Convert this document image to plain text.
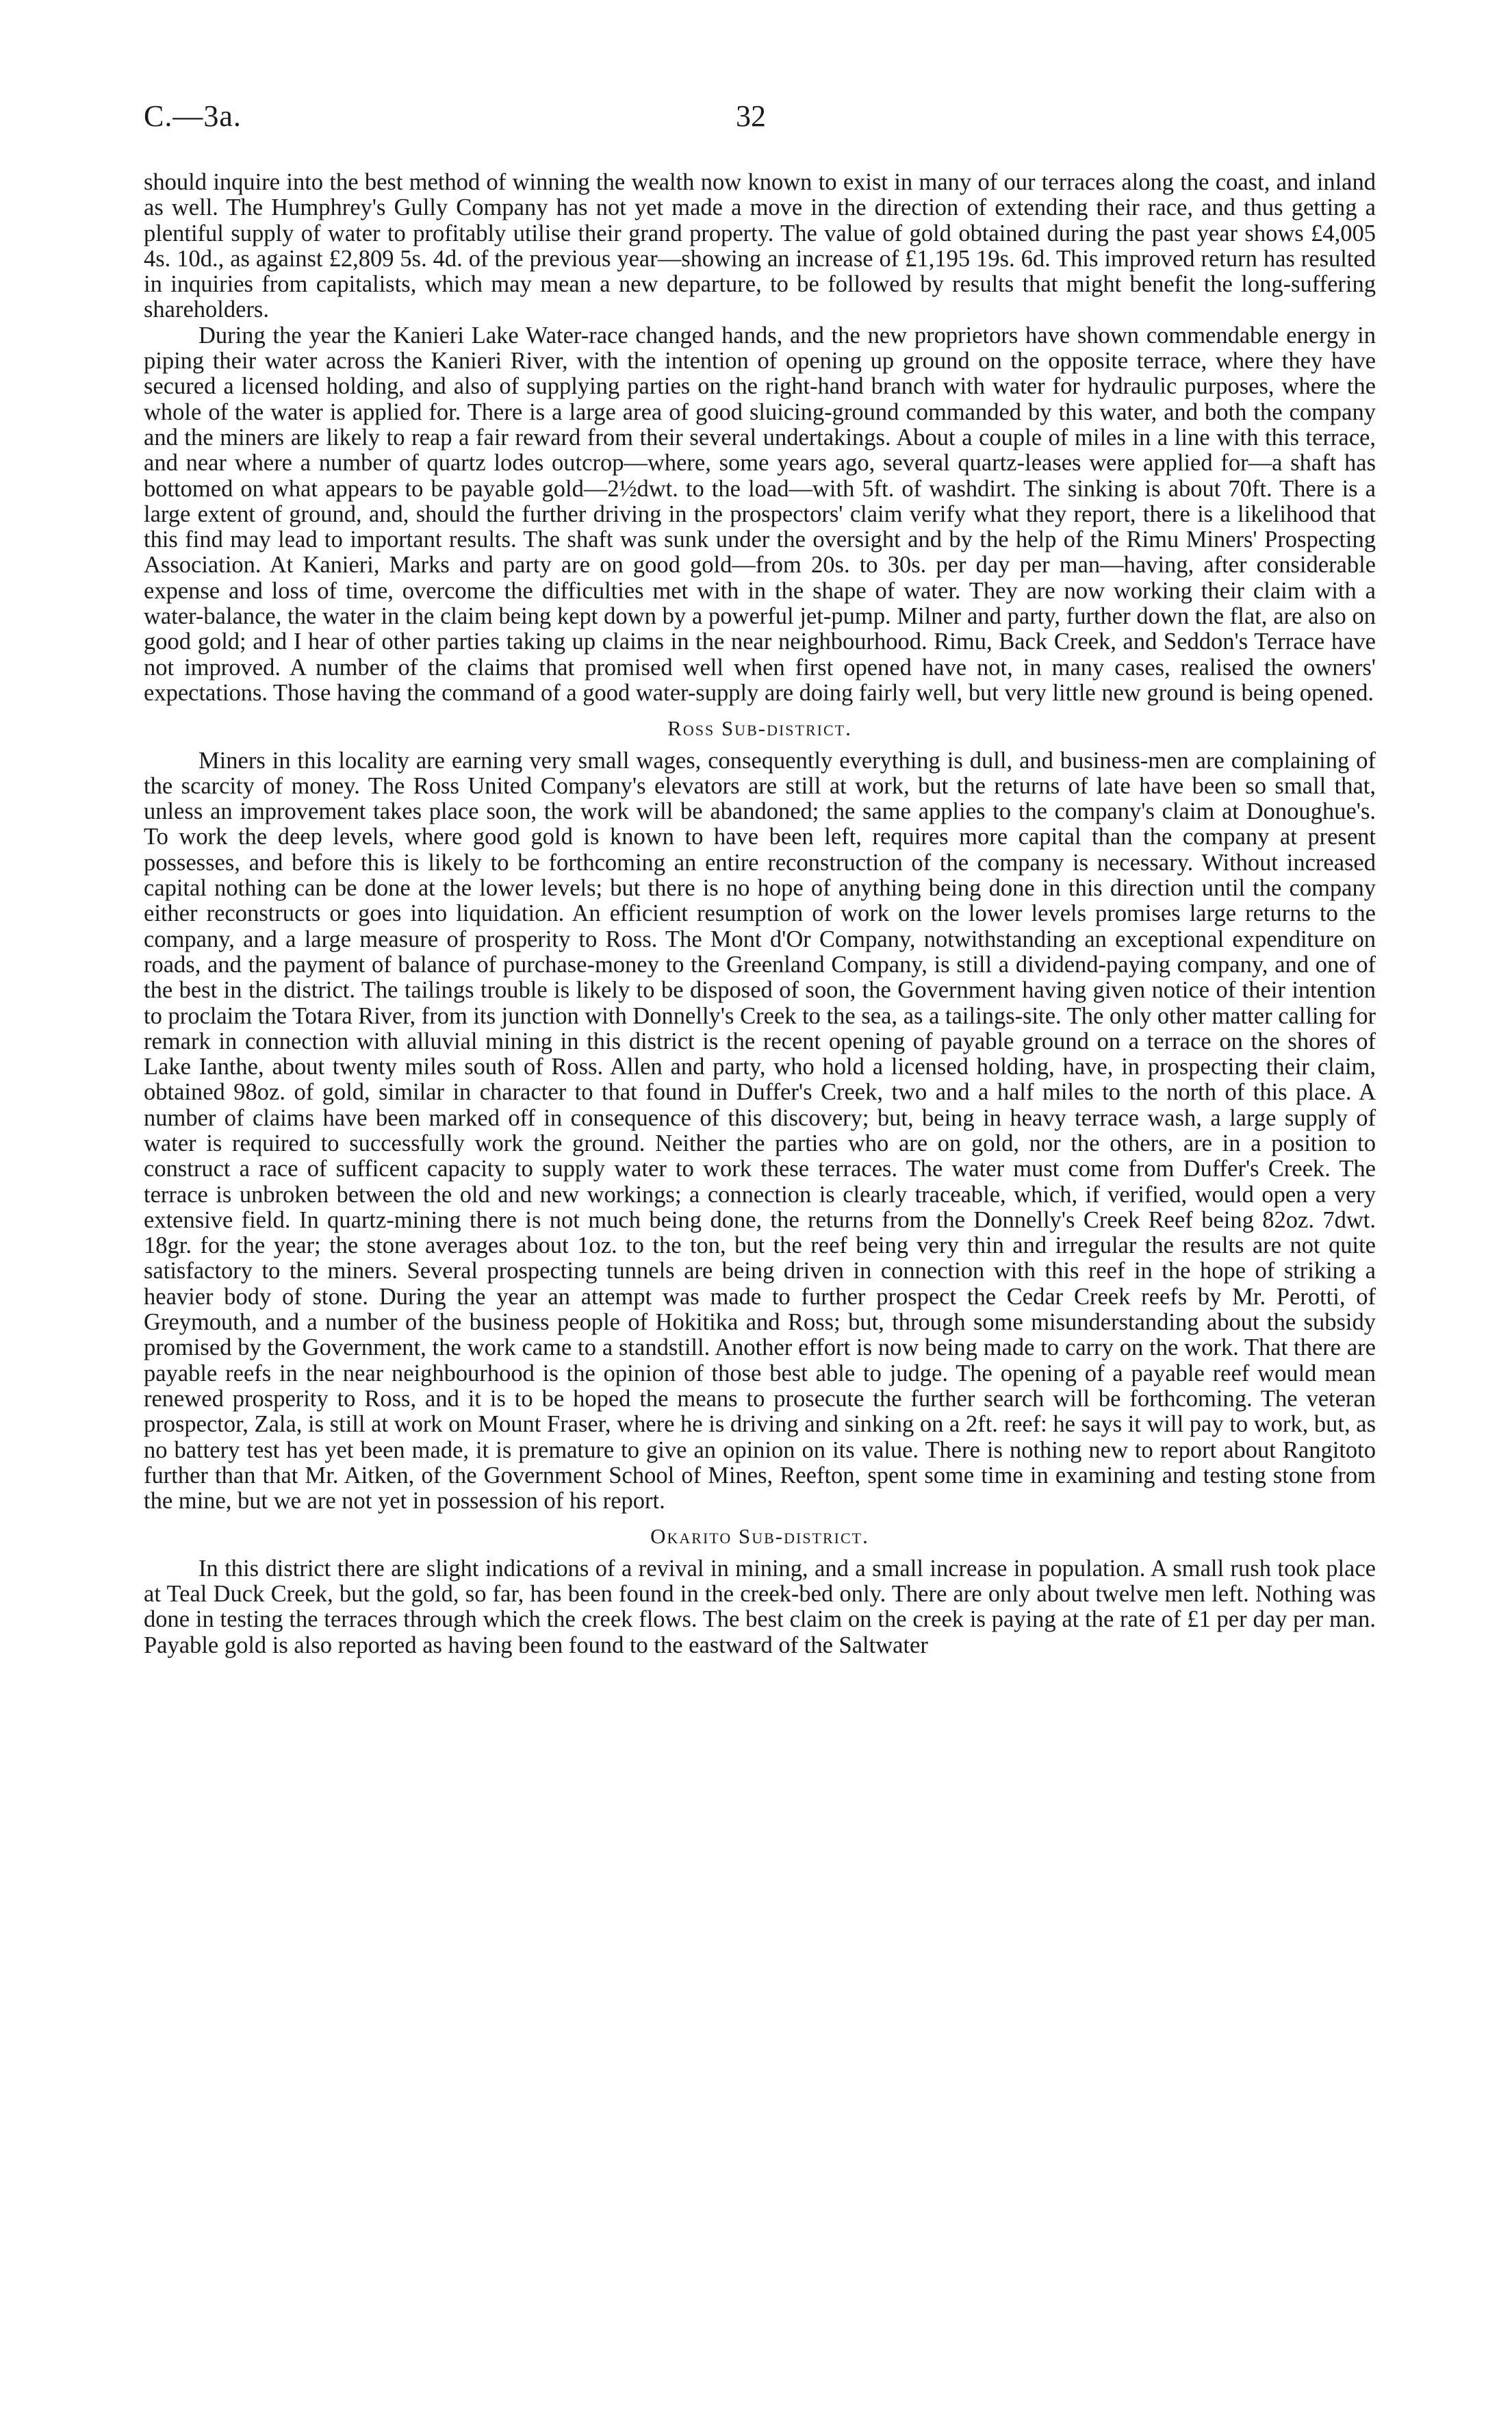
C.—3a.	32

should inquire into the best method of winning the wealth now known to exist in many of our terraces along the coast, and inland as well. The Humphrey's Gully Company has not yet made a move in the direction of extending their race, and thus getting a plentiful supply of water to profitably utilise their grand property. The value of gold obtained during the past year shows £4,005 4s. 10d., as against £2,809 5s. 4d. of the previous year—showing an increase of £1,195 19s. 6d. This improved return has resulted in inquiries from capitalists, which may mean a new departure, to be followed by results that might benefit the long-suffering shareholders.

During the year the Kanieri Lake Water-race changed hands, and the new proprietors have shown commendable energy in piping their water across the Kanieri River, with the intention of opening up ground on the opposite terrace, where they have secured a licensed holding, and also of supplying parties on the right-hand branch with water for hydraulic purposes, where the whole of the water is applied for. There is a large area of good sluicing-ground commanded by this water, and both the company and the miners are likely to reap a fair reward from their several undertakings. About a couple of miles in a line with this terrace, and near where a number of quartz lodes outcrop—where, some years ago, several quartz-leases were applied for—a shaft has bottomed on what appears to be payable gold—2½dwt. to the load—with 5ft. of washdirt. The sinking is about 70ft. There is a large extent of ground, and, should the further driving in the prospectors' claim verify what they report, there is a likelihood that this find may lead to important results. The shaft was sunk under the oversight and by the help of the Rimu Miners' Prospecting Association. At Kanieri, Marks and party are on good gold—from 20s. to 30s. per day per man—having, after considerable expense and loss of time, overcome the difficulties met with in the shape of water. They are now working their claim with a water-balance, the water in the claim being kept down by a powerful jet-pump. Milner and party, further down the flat, are also on good gold; and I hear of other parties taking up claims in the near neighbourhood. Rimu, Back Creek, and Seddon's Terrace have not improved. A number of the claims that promised well when first opened have not, in many cases, realised the owners' expectations. Those having the command of a good water-supply are doing fairly well, but very little new ground is being opened.

Ross Sub-district.

Miners in this locality are earning very small wages, consequently everything is dull, and business-men are complaining of the scarcity of money. The Ross United Company's elevators are still at work, but the returns of late have been so small that, unless an improvement takes place soon, the work will be abandoned; the same applies to the company's claim at Donoughue's. To work the deep levels, where good gold is known to have been left, requires more capital than the company at present possesses, and before this is likely to be forthcoming an entire reconstruction of the company is necessary. Without increased capital nothing can be done at the lower levels; but there is no hope of anything being done in this direction until the company either reconstructs or goes into liquidation. An efficient resumption of work on the lower levels promises large returns to the company, and a large measure of prosperity to Ross. The Mont d'Or Company, notwithstanding an exceptional expenditure on roads, and the payment of balance of purchase-money to the Greenland Company, is still a dividend-paying company, and one of the best in the district. The tailings trouble is likely to be disposed of soon, the Government having given notice of their intention to proclaim the Totara River, from its junction with Donnelly's Creek to the sea, as a tailings-site. The only other matter calling for remark in connection with alluvial mining in this district is the recent opening of payable ground on a terrace on the shores of Lake Ianthe, about twenty miles south of Ross. Allen and party, who hold a licensed holding, have, in prospecting their claim, obtained 98oz. of gold, similar in character to that found in Duffer's Creek, two and a half miles to the north of this place. A number of claims have been marked off in consequence of this discovery; but, being in heavy terrace wash, a large supply of water is required to successfully work the ground. Neither the parties who are on gold, nor the others, are in a position to construct a race of sufficent capacity to supply water to work these terraces. The water must come from Duffer's Creek. The terrace is unbroken between the old and new workings; a connection is clearly traceable, which, if verified, would open a very extensive field. In quartz-mining there is not much being done, the returns from the Donnelly's Creek Reef being 82oz. 7dwt. 18gr. for the year; the stone averages about 1oz. to the ton, but the reef being very thin and irregular the results are not quite satisfactory to the miners. Several prospecting tunnels are being driven in connection with this reef in the hope of striking a heavier body of stone. During the year an attempt was made to further prospect the Cedar Creek reefs by Mr. Perotti, of Greymouth, and a number of the business people of Hokitika and Ross; but, through some misunderstanding about the subsidy promised by the Government, the work came to a standstill. Another effort is now being made to carry on the work. That there are payable reefs in the near neighbourhood is the opinion of those best able to judge. The opening of a payable reef would mean renewed prosperity to Ross, and it is to be hoped the means to prosecute the further search will be forthcoming. The veteran prospector, Zala, is still at work on Mount Fraser, where he is driving and sinking on a 2ft. reef: he says it will pay to work, but, as no battery test has yet been made, it is premature to give an opinion on its value. There is nothing new to report about Rangitoto further than that Mr. Aitken, of the Government School of Mines, Reefton, spent some time in examining and testing stone from the mine, but we are not yet in possession of his report.

Okarito Sub-district.

In this district there are slight indications of a revival in mining, and a small increase in population. A small rush took place at Teal Duck Creek, but the gold, so far, has been found in the creek-bed only. There are only about twelve men left. Nothing was done in testing the terraces through which the creek flows. The best claim on the creek is paying at the rate of £1 per day per man. Payable gold is also reported as having been found to the eastward of the Saltwater
